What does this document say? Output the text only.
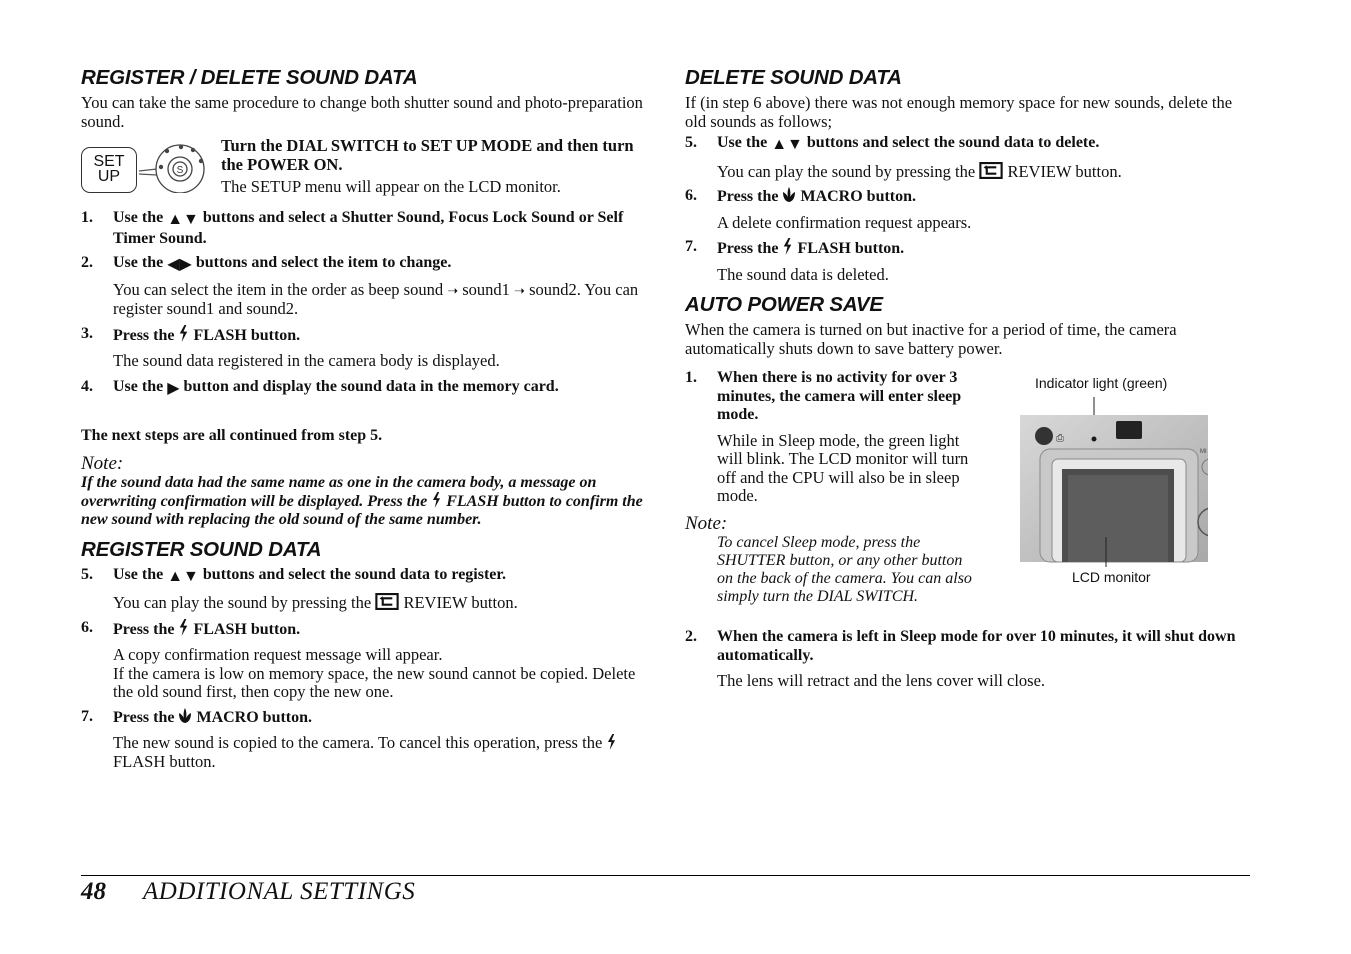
REGISTER / DELETE SOUND DATA

You can take the same procedure to change both shutter sound and photo-preparation sound.

SET
UP	S

Turn the DIAL SWITCH to SET UP MODE and then turn the POWER ON.

The SETUP menu will appear on the LCD monitor.

1. Use the ▲▼ buttons and select a Shutter Sound, Focus Lock Sound or Self Timer Sound.
2. Use the ◀▶ buttons and select the item to change.

You can select the item in the order as beep sound ➝ sound1 ➝ sound2. You can register sound1 and sound2.

3. Press the  FLASH button.

The sound data registered in the camera body is displayed.

4. Use the ▶ button and display the sound data in the memory card.

The next steps are all continued from step 5.

Note:

If the sound data had the same name as one in the camera body, a message on overwriting confirmation will be displayed. Press the  FLASH button to confirm the new sound with replacing the old sound of the same number.

REGISTER SOUND DATA
5. Use the ▲▼ buttons and select the sound data to register.

You can play the sound by pressing the  REVIEW button.

6. Press the  FLASH button.

A copy confirmation request message will appear.

If the camera is low on memory space, the new sound cannot be copied. Delete the old sound first, then copy the new one.

7. Press the  MACRO button.

The new sound is copied to the camera. To cancel this operation, press the  FLASH button.

DELETE SOUND DATA

If (in step 6 above) there was not enough memory space for new sounds, delete the old sounds as follows;

5. Use the ▲▼ buttons and select the sound data to delete.

You can play the sound by pressing the  REVIEW button.

6. Press the  MACRO button.

A delete confirmation request appears.

7. Press the  FLASH button.

The sound data is deleted.

AUTO POWER SAVE

When the camera is turned on but inactive for a period of time, the camera automatically shuts down to save battery power.

1. When there is no activity for over 3 minutes, the camera will enter sleep mode.

While in Sleep mode, the green light will blink. The LCD monitor will turn off and the CPU will also be in sleep mode.

Note:

To cancel Sleep mode, press the SHUTTER button, or any other button on the back of the camera. You can also simply turn the DIAL SWITCH.

Indicator light (green)
⎙
MI
LCD monitor
2. When the camera is left in Sleep mode for over 10 minutes, it will shut down automatically.

The lens will retract and the lens cover will close.

48 ADDITIONAL SETTINGS
